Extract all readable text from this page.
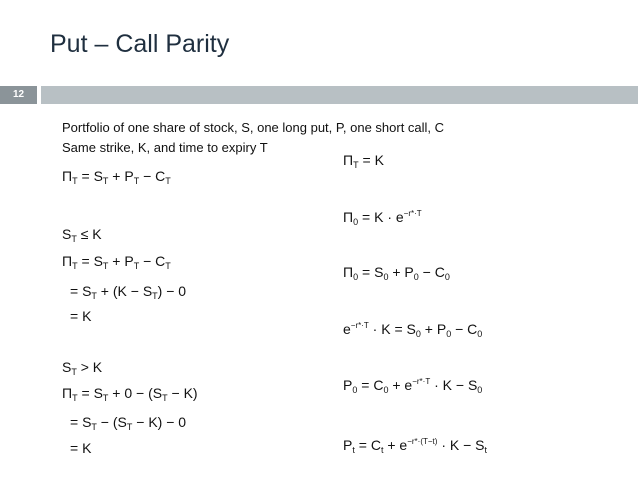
Put – Call Parity
12
Portfolio of one share of stock, S, one long put, P, one short call, C
Same strike, K, and time to expiry T
$\Pi_T = S_T + P_T - C_T$
$S_T \le K$
$\Pi_T = S_T + P_T - C_T$
= $S_T + (K - S_T) - 0$
= K
$S_T > K$
$\Pi_T = S_T + 0 - (S_T - K)$
= $S_T - (S_T - K) - 0$
= K
$\Pi_T = K$
$\Pi_0 = K \cdot e^{-r*\cdot T}$
$\Pi_0 = S_0 + P_0 - C_0$
$e^{-r*\cdot T} \cdot K = S_0 + P_0 - C_0$
$P_0 = C_0 + e^{-r*\cdot T} \cdot K - S_0$
$P_t = C_t + e^{-r*\cdot(T-t)} \cdot K - S_t$
